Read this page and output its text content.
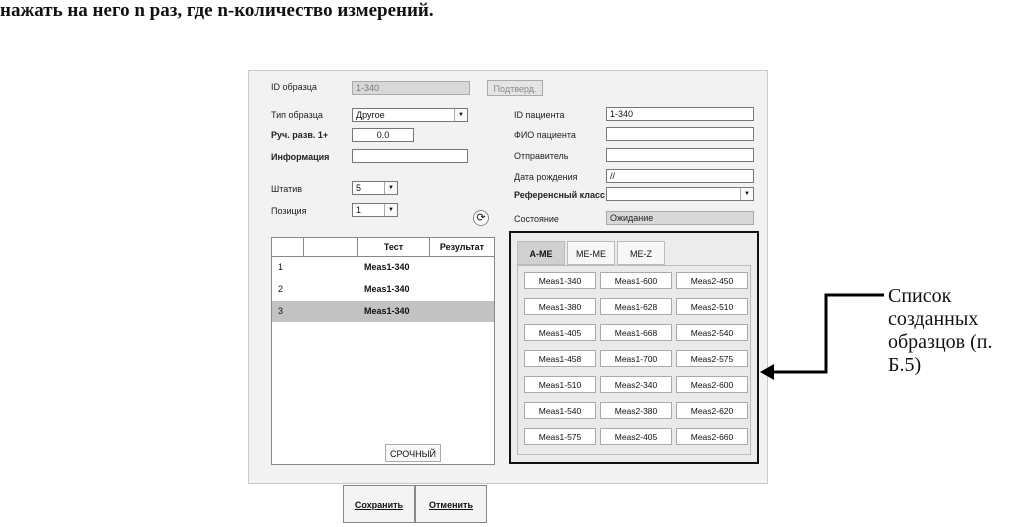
нажать на него n раз, где n-количество измерений.
ID образца	1-340	Подтверд.
Тип образца	Другое	▼
Руч. разв. 1+	0.0
Информация
Штатив	5	▼
Позиция	1	▼
⟳
ID пациента	1-340
ФИО пациента
Отправитель
Дата рождения	//
Референсный класс	▼
Состояние	Ожидание
Тест	Результат
1	Meas1-340
2	Meas1-340
3	Meas1-340
СРОЧНЫЙ
A-ME	ME-ME	ME-Z
Meas1-340	Meas1-600	Meas2-450
Meas1-380	Meas1-628	Meas2-510
Meas1-405	Meas1-668	Meas2-540
Meas1-458	Meas1-700	Meas2-575
Meas1-510	Meas2-340	Meas2-600
Meas1-540	Meas2-380	Meas2-620
Meas1-575	Meas2-405	Meas2-660
Сохранить	Отменить
Список
созданных
образцов (п.
Б.5)
